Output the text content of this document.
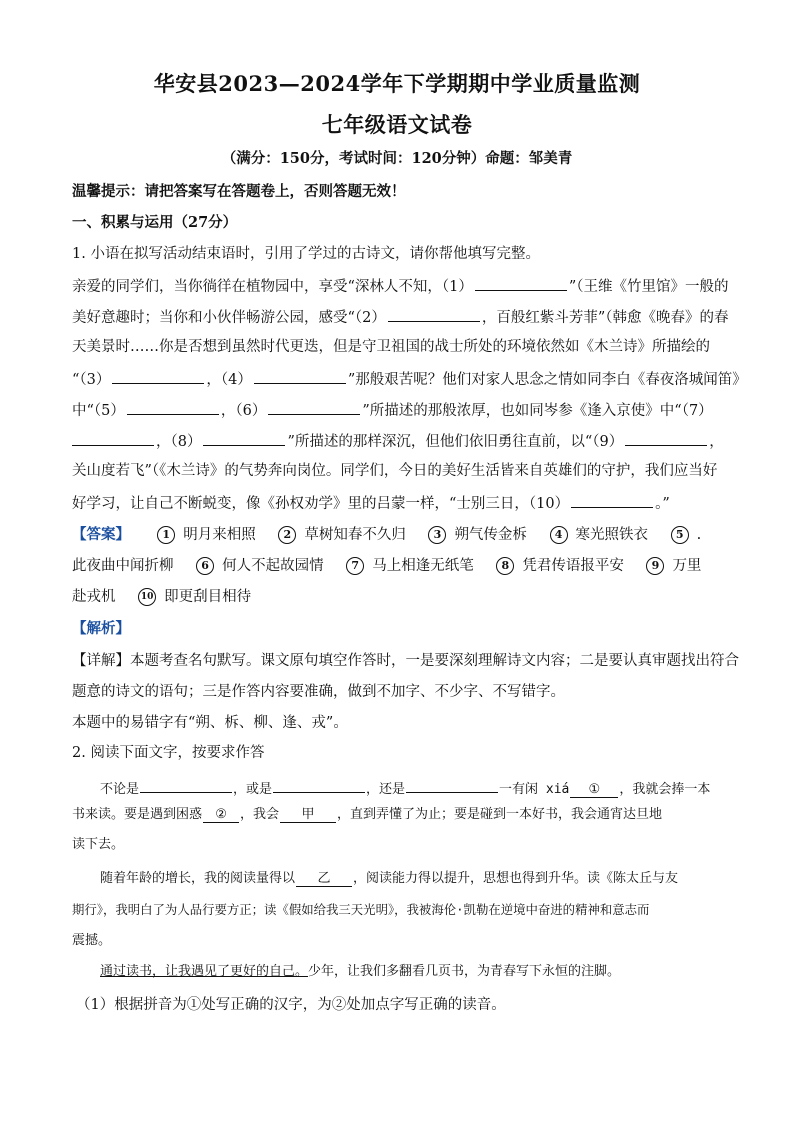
华安县2023—2024学年下学期期中学业质量监测
七年级语文试卷
（满分：150分，考试时间：120分钟）命题：邹美青
温馨提示：请把答案写在答题卷上，否则答题无效！
一、积累与运用（27分）
1. 小语在拟写活动结束语时，引用了学过的古诗文，请你帮他填写完整。
亲爱的同学们，当你徜徉在植物园中，享受“深林人不知，（1）	”（王维《竹里馆》一般的
美好意趣时；当你和小伙伴畅游公园，感受“（2）	，百般红紫斗芳菲”（韩愈《晚春》的春
天美景时……你是否想到虽然时代更迭，但是守卫祖国的战士所处的环境依然如《木兰诗》所描绘的
“（3）	，（4）	”那般艰苦呢？他们对家人思念之情如同李白《春夜洛城闻笛》
中“（5）	，（6）	”所描述的那般浓厚，也如同岑参《逢入京使》中“（7）
，（8）	”所描述的那样深沉，但他们依旧勇往直前，以“（9）	，
关山度若飞”（《木兰诗》的气势奔向岗位。同学们，今日的美好生活皆来自英雄们的守护，我们应当好
好学习，让自己不断蜕变，像《孙权劝学》里的吕蒙一样，“士别三日，（10）	。”
【答案】	1 明月来相照	2 草树知春不久归	3 朔气传金柝	4 寒光照铁衣	5 .
此夜曲中闻折柳	6 何人不起故园情	7 马上相逢无纸笔	8 凭君传语报平安	9 万里
赴戎机	10 即更刮目相待
【解析】
【详解】本题考查名句默写。课文原句填空作答时，一是要深刻理解诗文内容；二是要认真审题找出符合
题意的诗文的语句；三是作答内容要准确，做到不加字、不少字、不写错字。
本题中的易错字有“朔、柝、柳、逢、戎”。
2. 阅读下面文字，按要求作答
不论是	，或是	，还是	一有闲 xiá ① ，我就会捧一本
书来读。要是遇到困惑 ② ，我会 甲 ，直到弄懂了为止；要是碰到一本好书，我会通宵达旦地
读下去。
随着年龄的增长，我的阅读量得以 乙 ，阅读能力得以提升，思想也得到升华。读《陈太丘与友
期行》，我明白了为人品行要方正；读《假如给我三天光明》，我被海伦·凯勒在逆境中奋进的精神和意志而
震撼。
通过读书，让我遇见了更好的自己。少年，让我们多翻看几页书，为青春写下永恒的注脚。
（1）根据拼音为①处写正确的汉字，为②处加点字写正确的读音。
